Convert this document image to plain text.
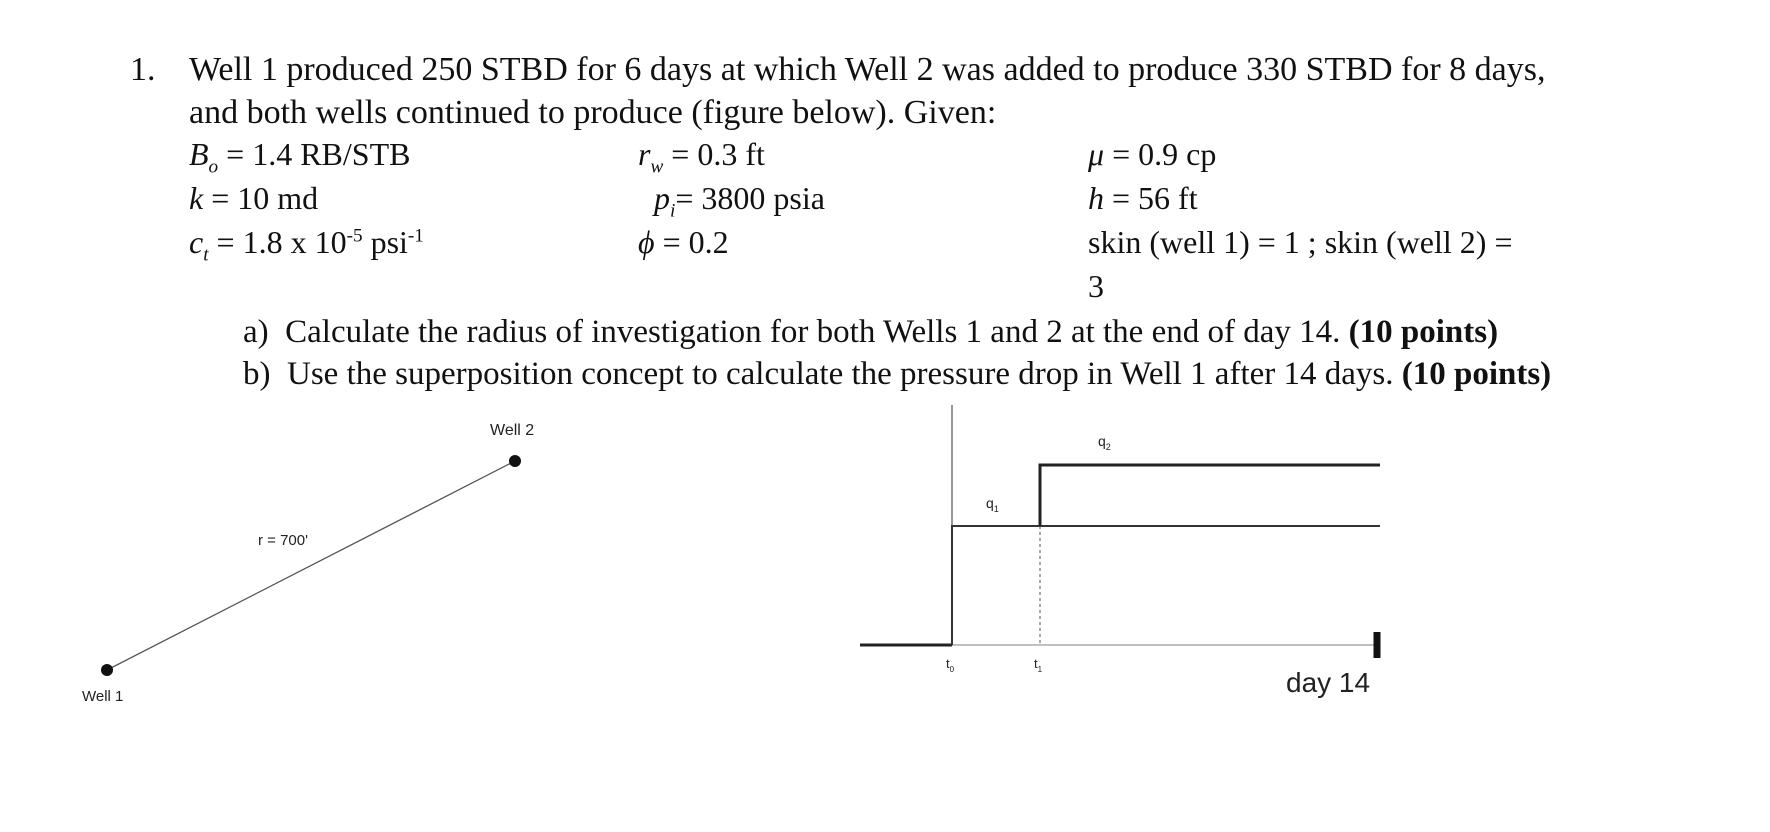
1. Well 1 produced 250 STBD for 6 days at which Well 2 was added to produce 330 STBD for 8 days,
and both wells continued to produce (figure below). Given:
$B_o = 1.4$ RB/STB
k = 10 md
$c_t = 1.8$ x $10^{-5}$ psi$^{-1}$
$r_w = 0.3$ ft
$p_i= 3800$ psia
ϕ = 0.2
μ = 0.9 cp
h = 56 ft
skin (well 1) = 1 ; skin (well 2) =
3
a) Calculate the radius of investigation for both Wells 1 and 2 at the end of day 14. (10 points)
b) Use the superposition concept to calculate the pressure drop in Well 1 after 14 days. (10 points)
Well 1
Well 2
r = 700'
$q_1$
$q_2$
$t_0$	$t_1$	day 14
